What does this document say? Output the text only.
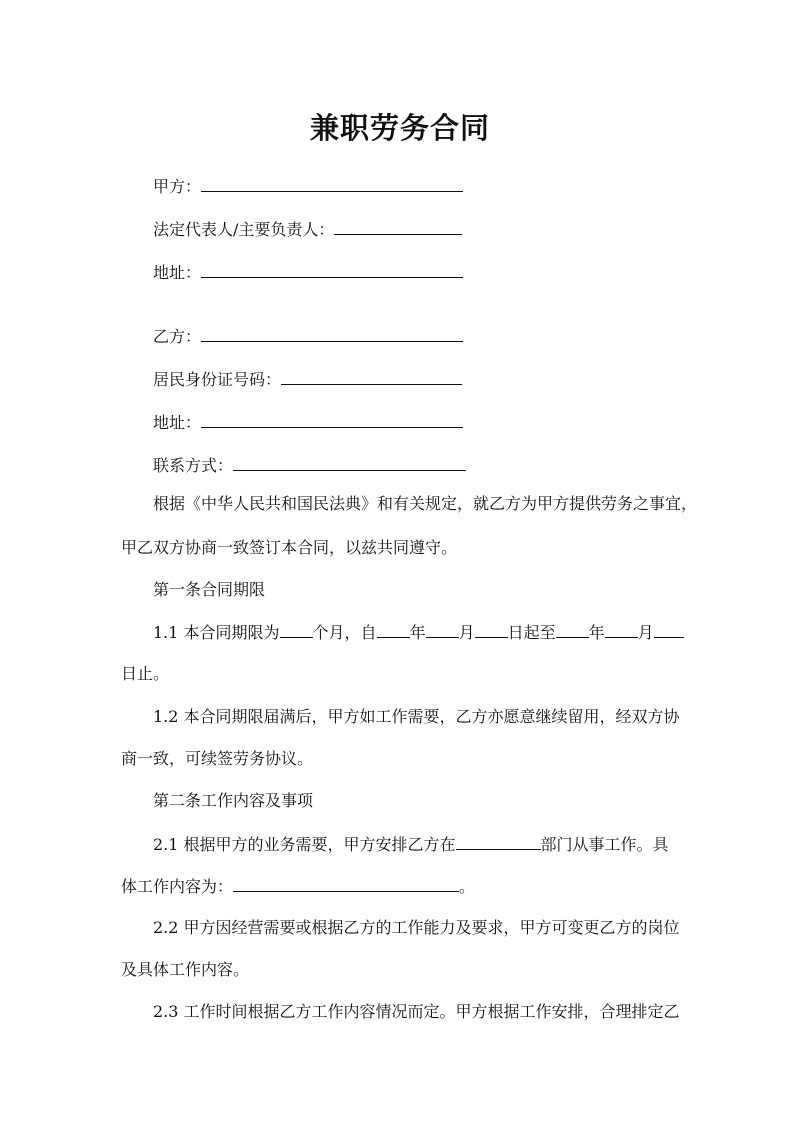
兼职劳务合同
甲方：
法定代表人/主要负责人：
地址：
乙方：
居民身份证号码：
地址：
联系方式：
根据《中华人民共和国民法典》和有关规定，就乙方为甲方提供劳务之事宜，
甲乙双方协商一致签订本合同，以兹共同遵守。
第一条合同期限
1.1 本合同期限为 个月，自 年 月 日起至 年 月
日止。
1.2 本合同期限届满后，甲方如工作需要，乙方亦愿意继续留用，经双方协
商一致，可续签劳务协议。
第二条工作内容及事项
2.1 根据甲方的业务需要，甲方安排乙方在	部门从事工作。具
体工作内容为：	。
2.2 甲方因经营需要或根据乙方的工作能力及要求，甲方可变更乙方的岗位
及具体工作内容。
2.3 工作时间根据乙方工作内容情况而定。甲方根据工作安排，合理排定乙
